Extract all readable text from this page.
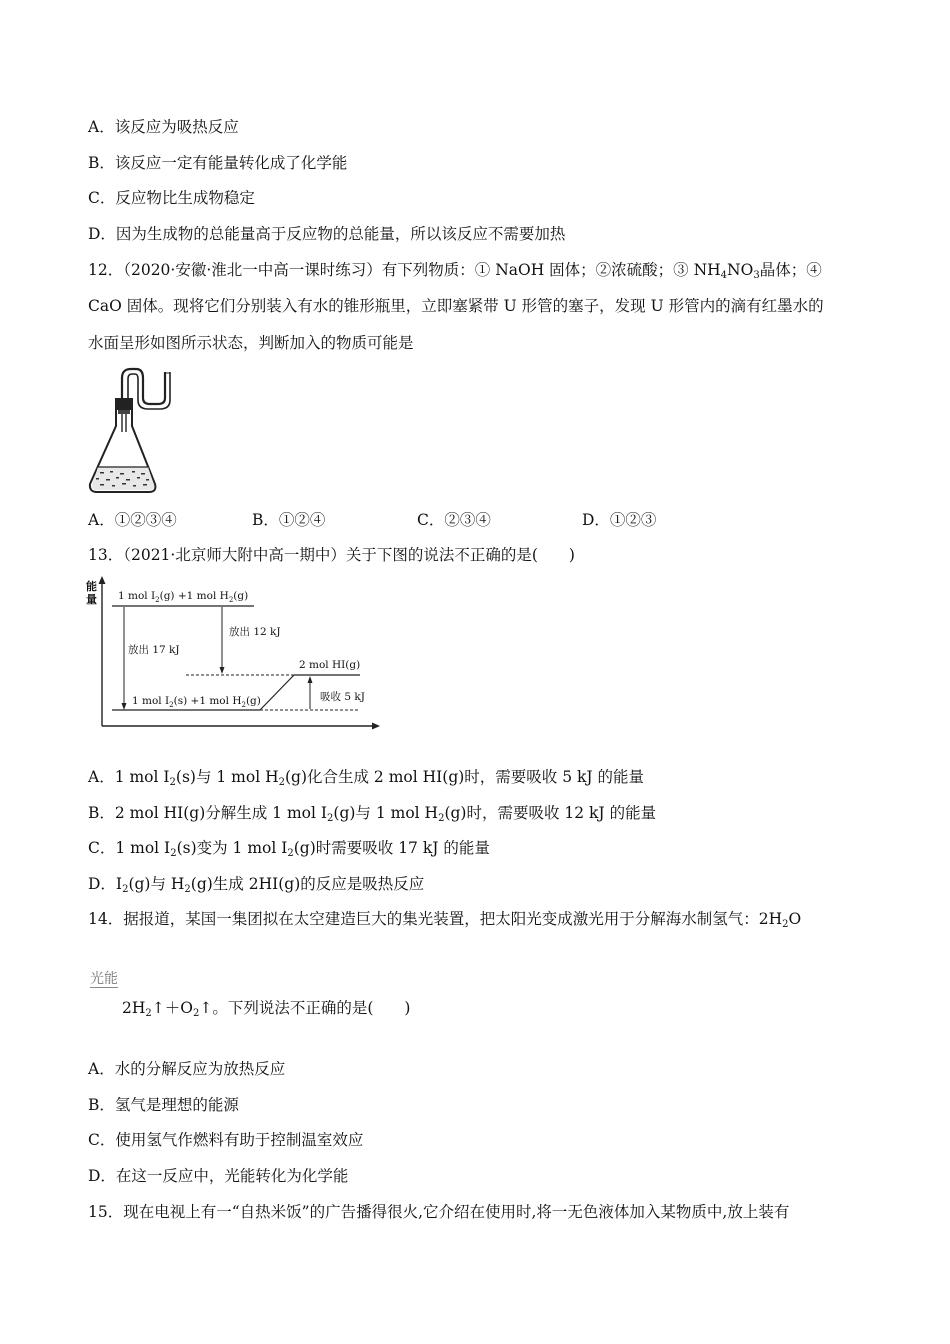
A．该反应为吸热反应
B．该反应一定有能量转化成了化学能
C．反应物比生成物稳定
D．因为生成物的总能量高于反应物的总能量，所以该反应不需要加热
12．（2020·安徽·淮北一中高一课时练习）有下列物质：① NaOH 固体；②浓硫酸；③ $NH_4NO_3$晶体；④
CaO 固体。现将它们分别装入有水的锥形瓶里，立即塞紧带 U 形管的塞子，发现 U 形管内的滴有红墨水的
水面呈形如图所示状态，判断加入的物质可能是
A．①②③④	B．①②④	C．②③④	D．①②③
13．（2021·北京师大附中高一期中）关于下图的说法不正确的是(　　)
能
量 1 mol $I_2(g) +1$ mol $H_2(g)$
放出 17 kJ
放出 12 kJ
2 mol HI(g)
1 mol $I_2(s) +1$ mol $H_2(g)$	吸收 5 kJ
A．1 mol $I_2(s)$与 1 mol $H_2(g)$化合生成 2 mol HI(g)时，需要吸收 5 kJ 的能量
B．2 mol HI(g)分解生成 1 mol $I_2(g)$与 1 mol $H_2(g)$时，需要吸收 12 kJ 的能量
C．1 mol $I_2(s)$变为 1 mol $I_2(g)$时需要吸收 17 kJ 的能量
D．$I_2(g)$与 $H_2(g)$生成 2HI(g)的反应是吸热反应
14．据报道，某国一集团拟在太空建造巨大的集光装置，把太阳光变成激光用于分解海水制氢气：$2H_2O$
光能
$2H_2↑+O_2↑$。下列说法不正确的是(　　)
A．水的分解反应为放热反应
B．氢气是理想的能源
C．使用氢气作燃料有助于控制温室效应
D．在这一反应中，光能转化为化学能
15．现在电视上有一“自热米饭”的广告播得很火,它介绍在使用时,将一无色液体加入某物质中,放上装有
